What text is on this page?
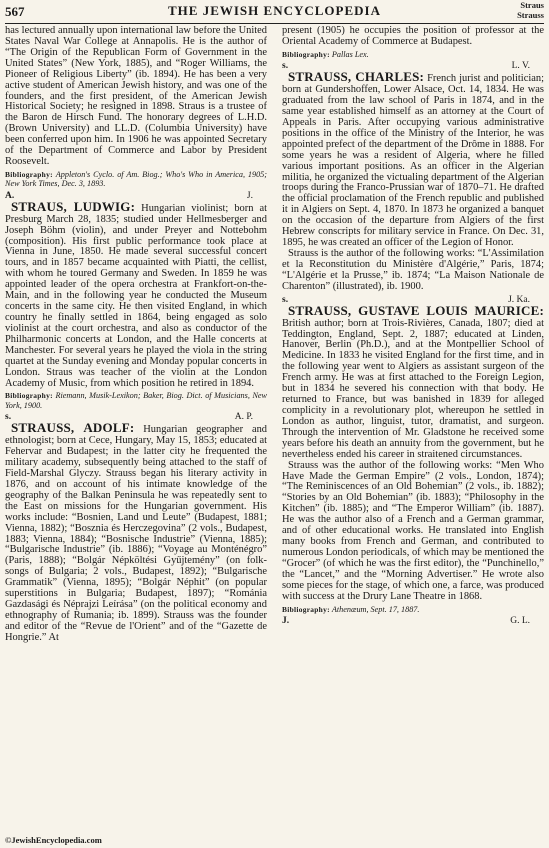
567	THE JEWISH ENCYCLOPEDIA	Straus
Strauss

has lectured annually upon international law before the United States Naval War College at Annapolis. He is the author of “The Origin of the Republican Form of Government in the United States” (New York, 1885), and “Roger Williams, the Pioneer of Religious Liberty” (ib. 1894). He has been a very active student of American Jewish history, and was one of the founders, and the first president, of the American Jewish Historical Society; he resigned in 1898. Straus is a trustee of the Baron de Hirsch Fund. The honorary degrees of L.H.D. (Brown University) and LL.D. (Columbia University) have been conferred upon him. In 1906 he was appointed Secretary of the Department of Commerce and Labor by President Roosevelt.

Bibliography: Appleton's Cyclo. of Am. Biog.; Who's Who in America, 1905; New York Times, Dec. 3, 1893.

A.	J.

STRAUS, LUDWIG: Hungarian violinist; born at Presburg March 28, 1835; studied under Hellmesberger and Joseph Böhm (violin), and under Preyer and Nottebohm (composition). His first public performance took place at Vienna in June, 1850. He made several successful concert tours, and in 1857 became acquainted with Piatti, the cellist, with whom he toured Germany and Sweden. In 1859 he was appointed leader of the opera orchestra at Frankfort-on-the-Main, and in the following year he conducted the Museum concerts in the same city. He then visited England, in which country he finally settled in 1864, being engaged as solo violinist at the court orchestra, and also as conductor of the Philharmonic concerts at London, and the Halle concerts at Manchester. For several years he played the viola in the string quartet at the Sunday evening and Monday popular concerts in London. Straus was teacher of the violin at the London Academy of Music, from which position he retired in 1894.

Bibliography: Riemann, Musik-Lexikon; Baker, Biog. Dict. of Musicians, New York, 1900.

s.	A. P.

STRAUSS, ADOLF: Hungarian geographer and ethnologist; born at Cece, Hungary, May 15, 1853; educated at Fehervar and Budapest; in the latter city he frequented the military academy, subsequently being attached to the staff of Field-Marshal Glyczy. Strauss began his literary activity in 1876, and on account of his intimate knowledge of the geography of the Balkan Peninsula he was repeatedly sent to the East on missions for the Hungarian government. His works include: “Bosnien, Land und Leute” (Budapest, 1881; Vienna, 1882); “Bosznia és Herczegovina” (2 vols., Budapest, 1883; Vienna, 1884); “Bosnische Industrie” (Vienna, 1885); “Bulgarische Industrie” (ib. 1886); “Voyage au Monténégro” (Paris, 1888); “Bolgár Népköltési Gyűjtemény” (on folk-songs of Bulgaria; 2 vols., Budapest, 1892); “Bulgarische Grammatik” (Vienna, 1895); “Bolgár Néphit” (on popular superstitions in Bulgaria; Budapest, 1897); “Románia Gazdasági és Néprajzi Leírása” (on the political economy and ethnography of Rumania; ib. 1899). Strauss was the founder and editor of the “Revue de l'Orient” and of the “Gazette de Hongrie.” At

present (1905) he occupies the position of professor at the Oriental Academy of Commerce at Budapest.

Bibliography: Pallas Lex.

s.	L. V.

STRAUSS, CHARLES: French jurist and politician; born at Gundershoffen, Lower Alsace, Oct. 14, 1834. He was graduated from the law school of Paris in 1874, and in the same year established himself as an attorney at the Court of Appeals in Paris. After occupying various administrative positions in the office of the Ministry of the Interior, he was appointed prefect of the department of the Drôme in 1888. For some years he was a resident of Algeria, where he filled various important positions. As an officer in the Algerian militia, he organized the victualing department of the Algerian troops during the Franco-Prussian war of 1870–71. He drafted the official proclamation of the French republic and published it in Algiers on Sept. 4, 1870. In 1873 he organized a banquet on the occasion of the departure from Algiers of the first Hebrew conscripts for military service in France. On Dec. 31, 1895, he was created an officer of the Legion of Honor.

Strauss is the author of the following works: “L'Assimilation et la Reconstitution du Ministère d'Algérie,” Paris, 1874; “L'Algérie et la Prusse,” ib. 1874; “La Maison Nationale de Charenton” (illustrated), ib. 1900.

s.	J. Ka.

STRAUSS, GUSTAVE LOUIS MAURICE: British author; born at Trois-Rivières, Canada, 1807; died at Teddington, England, Sept. 2, 1887; educated at Linden, Hanover, Berlin (Ph.D.), and at the Montpellier School of Medicine. In 1833 he visited England for the first time, and in the following year went to Algiers as assistant surgeon of the French army. He was at first attached to the Foreign Legion, but in 1834 he severed his connection with that body. He returned to France, but was banished in 1839 for alleged complicity in a revolutionary plot, whereupon he settled in London as author, linguist, tutor, dramatist, and surgeon. Through the intervention of Mr. Gladstone he received some years before his death an annuity from the government, but he nevertheless ended his career in straitened circumstances.

Strauss was the author of the following works: “Men Who Have Made the German Empire” (2 vols., London, 1874); “The Reminiscences of an Old Bohemian” (2 vols., ib. 1882); “Stories by an Old Bohemian” (ib. 1883); “Philosophy in the Kitchen” (ib. 1885); and “The Emperor William” (ib. 1887). He was the author also of a French and a German grammar, and of other educational works. He translated into English many books from French and German, and contributed to numerous London periodicals, of which may be mentioned the “Grocer” (of which he was the first editor), the “Punchinello,” the “Lancet,” and the “Morning Advertiser.” He wrote also some pieces for the stage, of which one, a farce, was produced with success at the Drury Lane Theatre in 1868.

Bibliography: Athenæum, Sept. 17, 1887.

J.	G. L.
©JewishEncyclopedia.com
